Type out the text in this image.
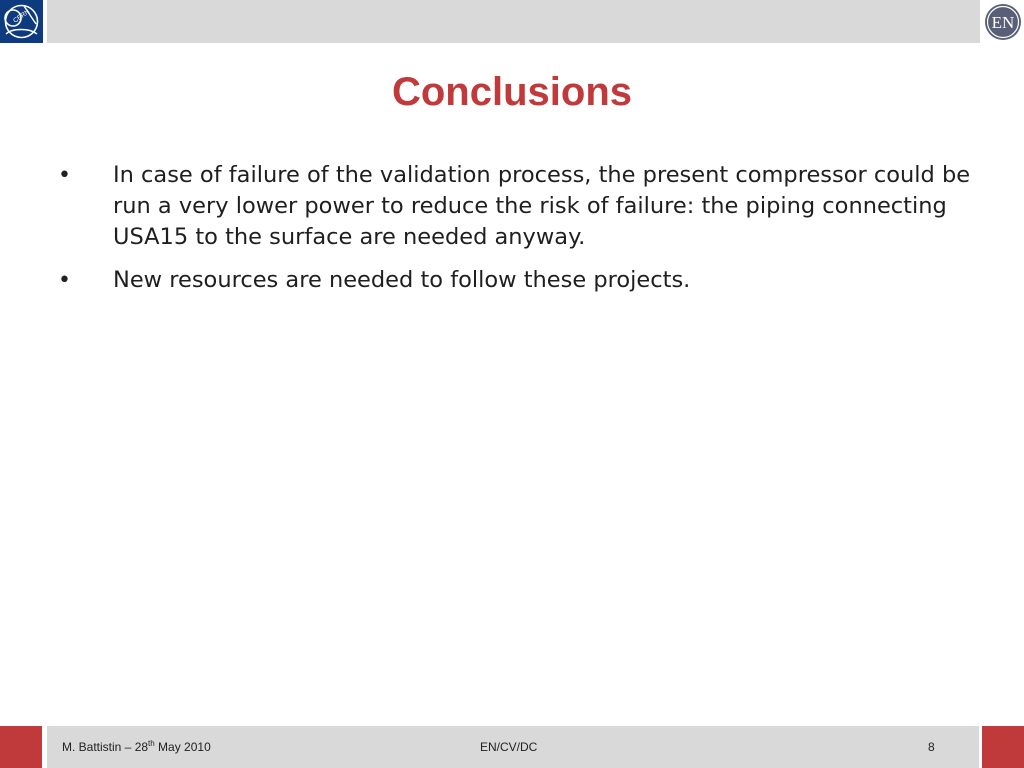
CERN	EN
Conclusions
•	In case of failure of the validation process, the present compressor could be run a very lower power to reduce the risk of failure: the piping connecting USA15 to the surface are needed anyway.
•	New resources are needed to follow these projects.
M. Battistin – 28th May 2010	EN/CV/DC	8
